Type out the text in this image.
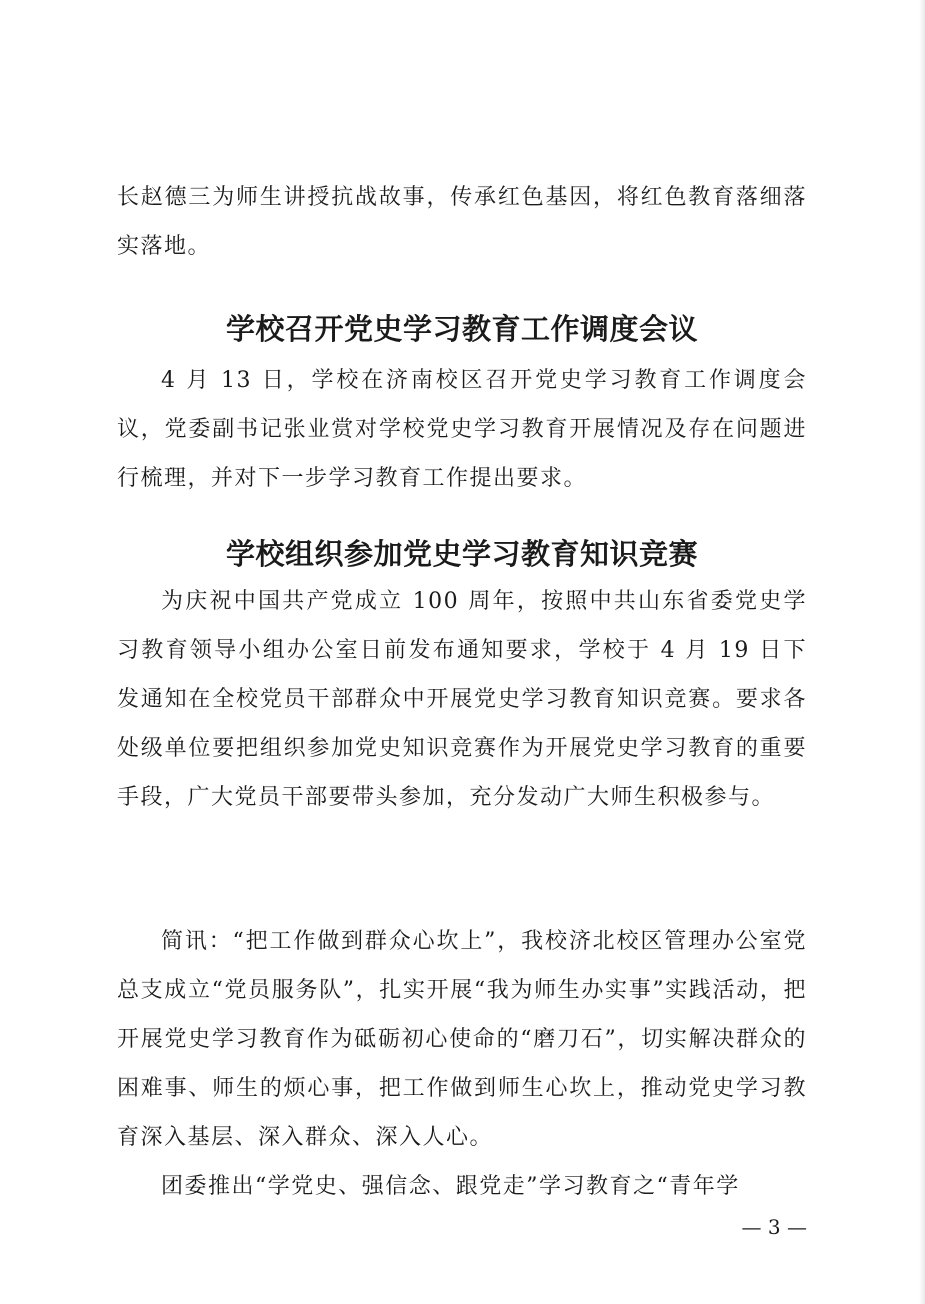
长赵德三为师生讲授抗战故事，传承红色基因，将红色教育落细落实落地。

学校召开党史学习教育工作调度会议

4 月 13 日，学校在济南校区召开党史学习教育工作调度会议，党委副书记张业赏对学校党史学习教育开展情况及存在问题进行梳理，并对下一步学习教育工作提出要求。

学校组织参加党史学习教育知识竞赛

为庆祝中国共产党成立 100 周年，按照中共山东省委党史学习教育领导小组办公室日前发布通知要求，学校于 4 月 19 日下发通知在全校党员干部群众中开展党史学习教育知识竞赛。要求各处级单位要把组织参加党史知识竞赛作为开展党史学习教育的重要手段，广大党员干部要带头参加，充分发动广大师生积极参与。

简讯：“把工作做到群众心坎上”，我校济北校区管理办公室党总支成立“党员服务队”，扎实开展“我为师生办实事”实践活动，把开展党史学习教育作为砥砺初心使命的“磨刀石”，切实解决群众的困难事、师生的烦心事，把工作做到师生心坎上，推动党史学习教育深入基层、深入群众、深入人心。

团委推出“学党史、强信念、跟党走”学习教育之“青年学

— 3 —
